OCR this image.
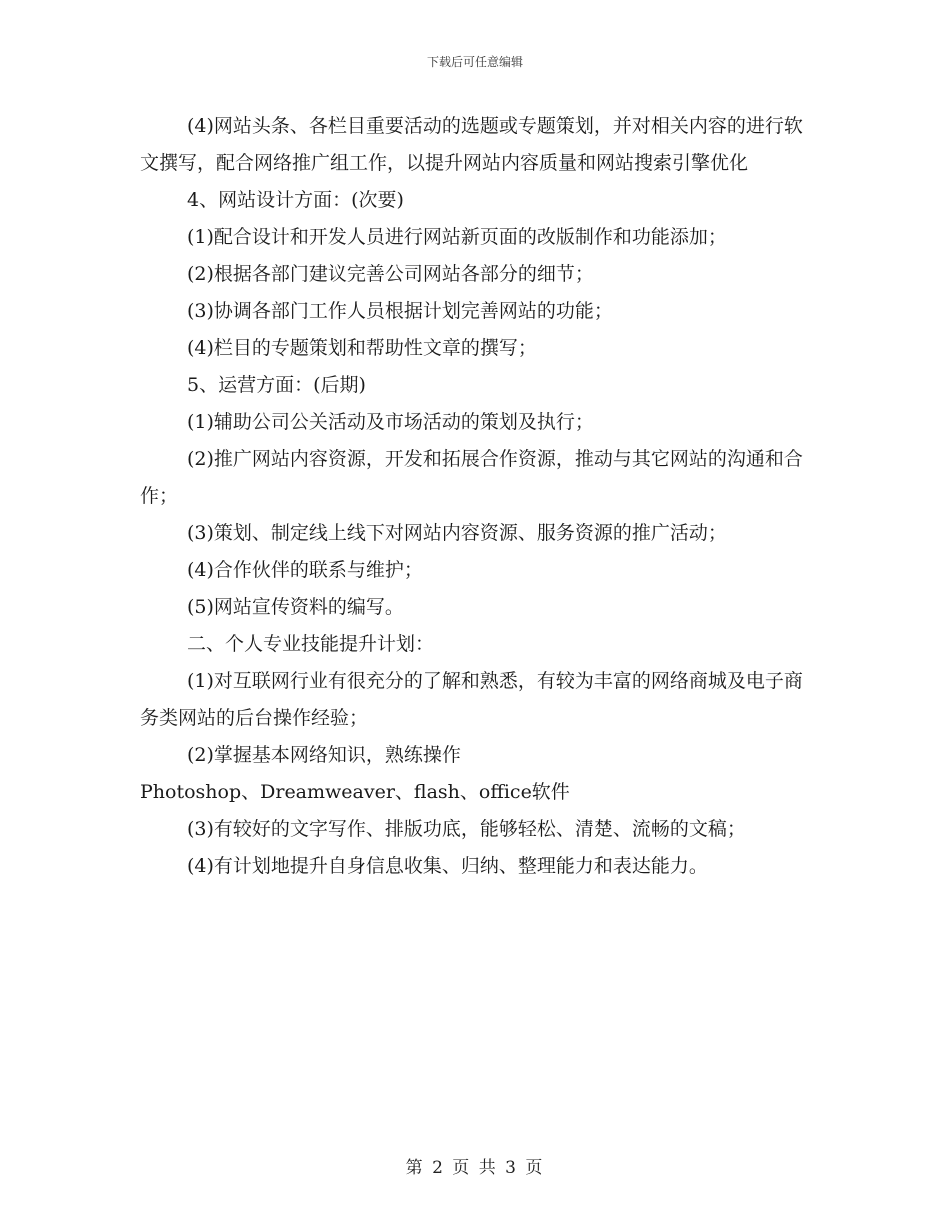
下载后可任意编辑

(4)网站头条、各栏目重要活动的选题或专题策划，并对相关内容的进行软文撰写，配合网络推广组工作，以提升网站内容质量和网站搜索引擎优化

4、网站设计方面：(次要)

(1)配合设计和开发人员进行网站新页面的改版制作和功能添加；

(2)根据各部门建议完善公司网站各部分的细节；

(3)协调各部门工作人员根据计划完善网站的功能；

(4)栏目的专题策划和帮助性文章的撰写；

5、运营方面：(后期)

(1)辅助公司公关活动及市场活动的策划及执行；

(2)推广网站内容资源，开发和拓展合作资源，推动与其它网站的沟通和合作；

(3)策划、制定线上线下对网站内容资源、服务资源的推广活动；

(4)合作伙伴的联系与维护；

(5)网站宣传资料的编写。

二、个人专业技能提升计划：

(1)对互联网行业有很充分的了解和熟悉，有较为丰富的网络商城及电子商务类网站的后台操作经验；

(2)掌握基本网络知识，熟练操作

Photoshop、Dreamweaver、flash、office软件

(3)有较好的文字写作、排版功底，能够轻松、清楚、流畅的文稿；

(4)有计划地提升自身信息收集、归纳、整理能力和表达能力。

第 2 页 共 3 页
